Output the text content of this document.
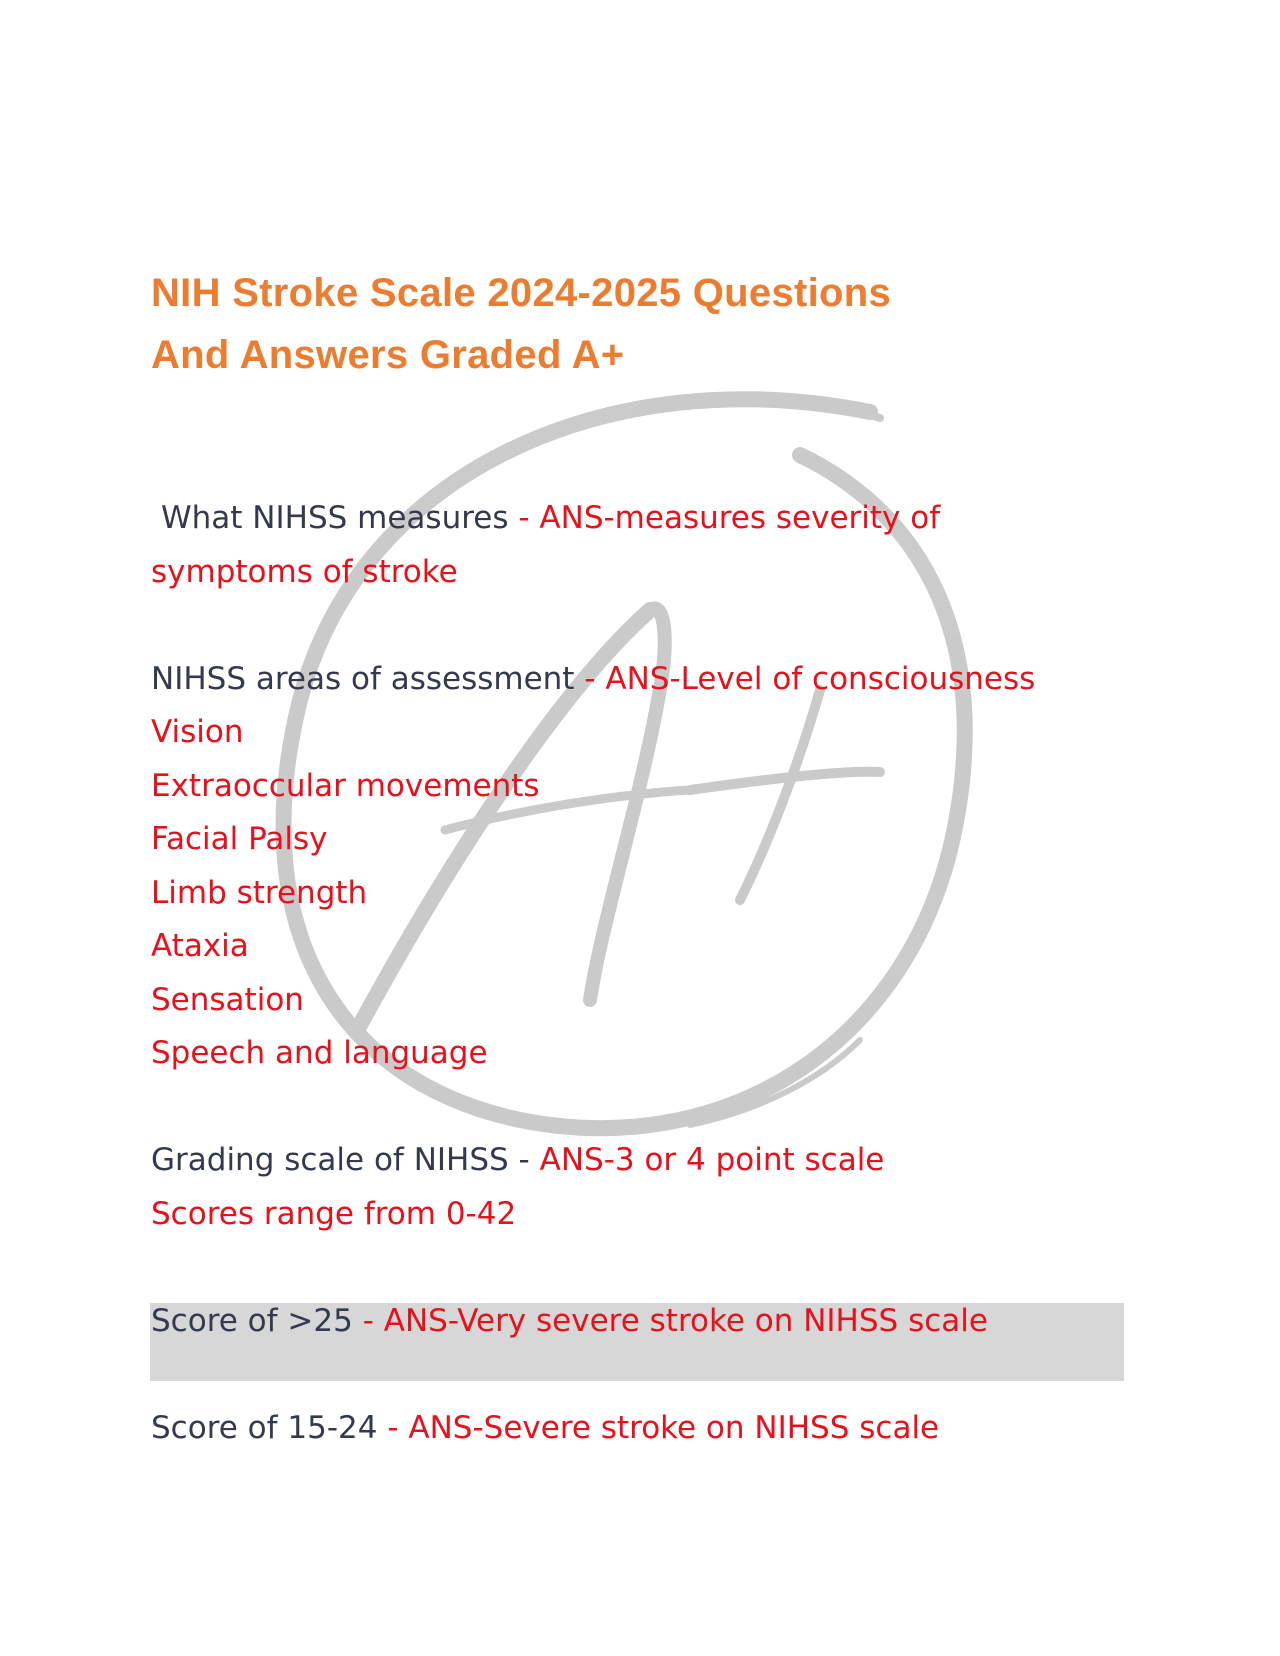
NIH Stroke Scale 2024-2025 Questions
And Answers Graded A+

What NIHSS measures - ANS-measures severity of
symptoms of stroke

NIHSS areas of assessment - ANS-Level of consciousness
Vision
Extraoccular movements
Facial Palsy
Limb strength
Ataxia
Sensation
Speech and language

Grading scale of NIHSS - ANS-3 or 4 point scale
Scores range from 0-42

Score of >25 - ANS-Very severe stroke on NIHSS scale

Score of 15-24 - ANS-Severe stroke on NIHSS scale
